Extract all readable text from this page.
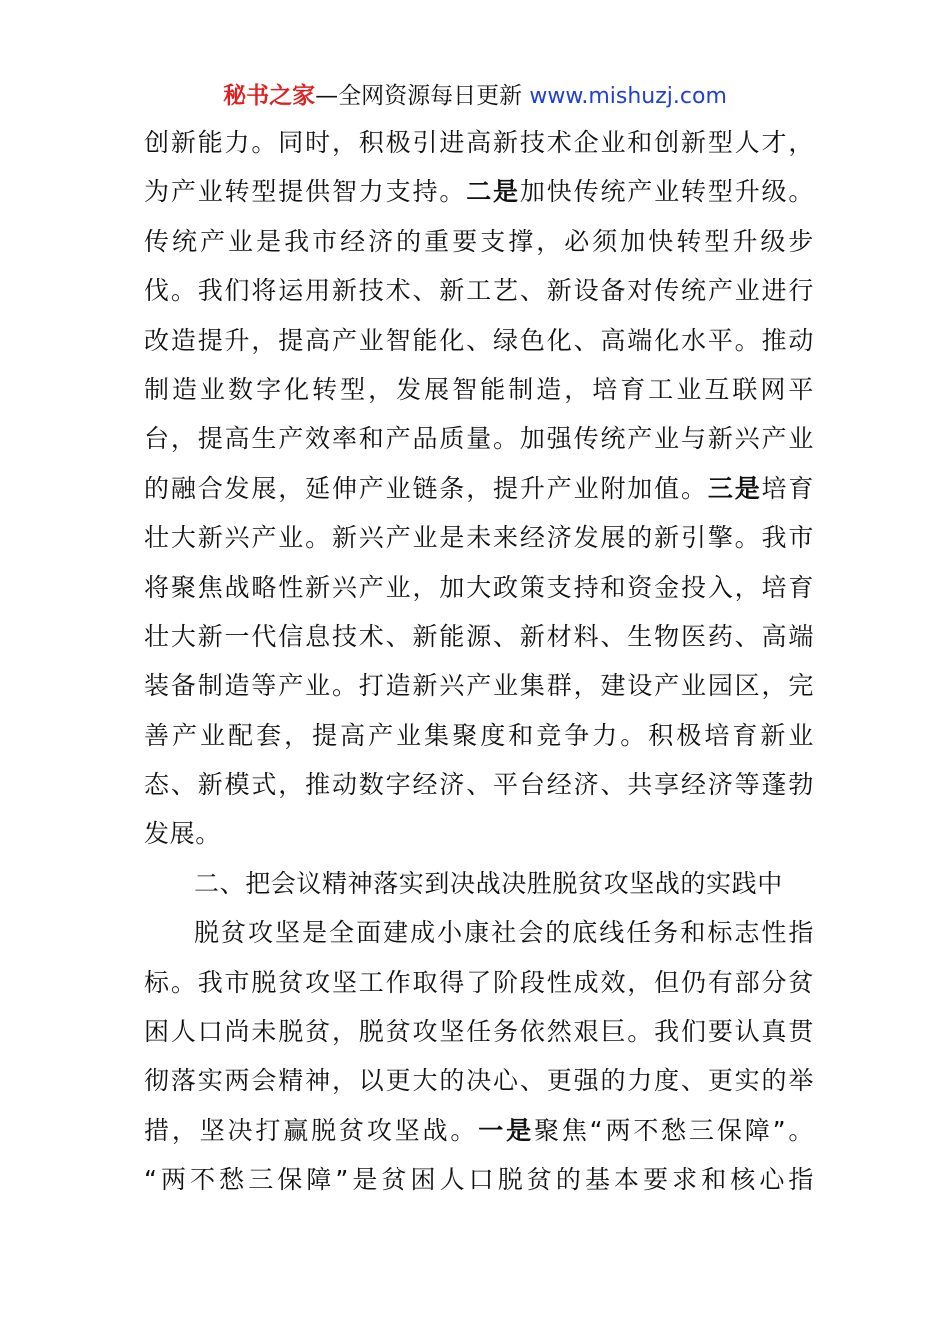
秘书之家—全网资源每日更新 www.mishuzj.com
创新能力。同时，积极引进高新技术企业和创新型人才，
为产业转型提供智力支持。二是加快传统产业转型升级。
传统产业是我市经济的重要支撑，必须加快转型升级步
伐。我们将运用新技术、新工艺、新设备对传统产业进行
改造提升，提高产业智能化、绿色化、高端化水平。推动
制造业数字化转型，发展智能制造，培育工业互联网平
台，提高生产效率和产品质量。加强传统产业与新兴产业
的融合发展，延伸产业链条，提升产业附加值。三是培育
壮大新兴产业。新兴产业是未来经济发展的新引擎。我市
将聚焦战略性新兴产业，加大政策支持和资金投入，培育
壮大新一代信息技术、新能源、新材料、生物医药、高端
装备制造等产业。打造新兴产业集群，建设产业园区，完
善产业配套，提高产业集聚度和竞争力。积极培育新业
态、新模式，推动数字经济、平台经济、共享经济等蓬勃
发展。
二、把会议精神落实到决战决胜脱贫攻坚战的实践中
脱贫攻坚是全面建成小康社会的底线任务和标志性指
标。我市脱贫攻坚工作取得了阶段性成效，但仍有部分贫
困人口尚未脱贫，脱贫攻坚任务依然艰巨。我们要认真贯
彻落实两会精神，以更大的决心、更强的力度、更实的举
措，坚决打赢脱贫攻坚战。一是聚焦“两不愁三保障”。
“两不愁三保障”是贫困人口脱贫的基本要求和核心指
